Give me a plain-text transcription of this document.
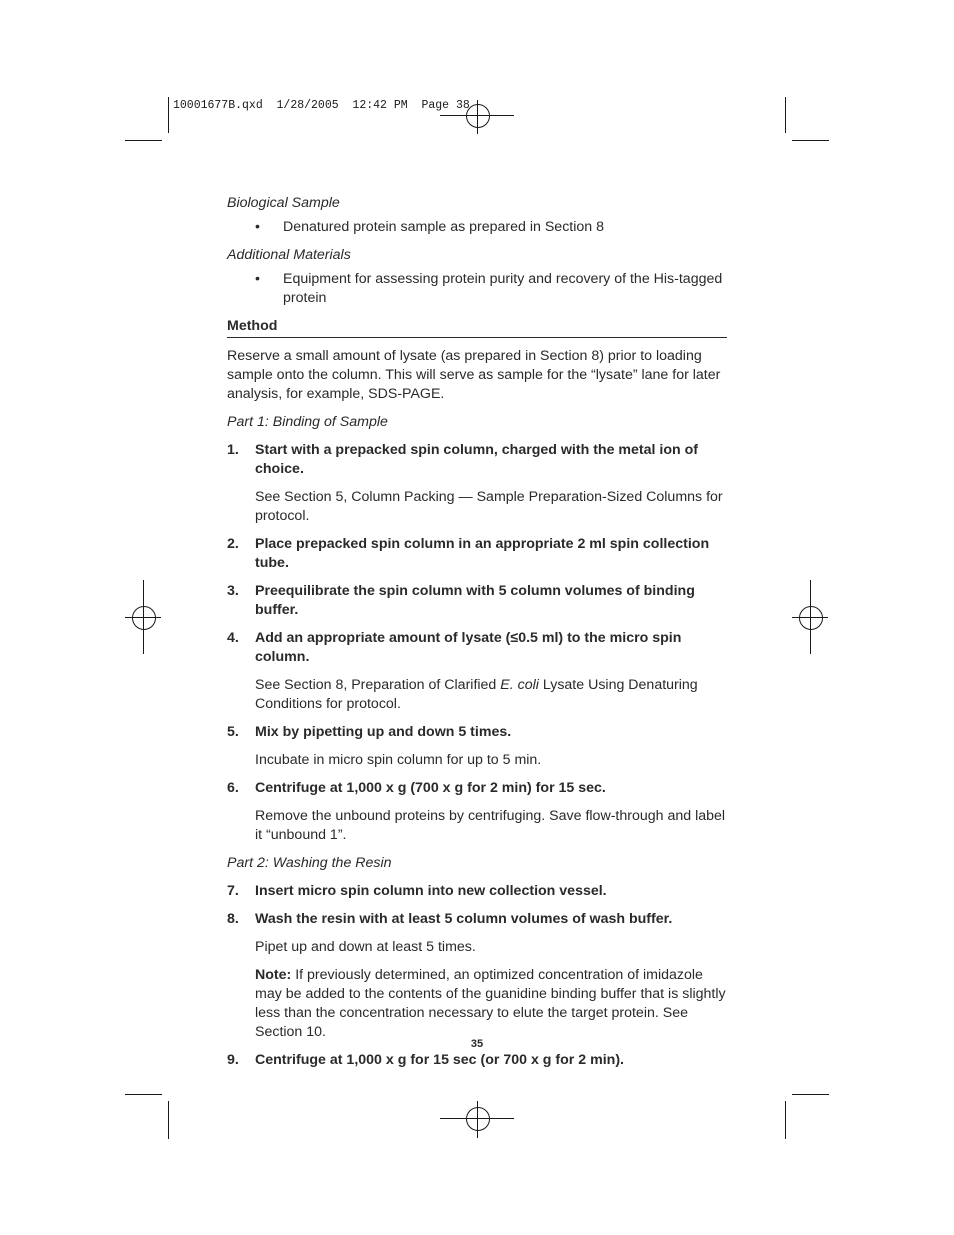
10001677B.qxd  1/28/2005  12:42 PM  Page 38
Biological Sample
• Denatured protein sample as prepared in Section 8
Additional Materials
• Equipment for assessing protein purity and recovery of the His-tagged protein
Method

Reserve a small amount of lysate (as prepared in Section 8) prior to loading sample onto the column. This will serve as sample for the “lysate” lane for later analysis, for example, SDS-PAGE.

Part 1: Binding of Sample

1. Start with a prepacked spin column, charged with the metal ion of choice.

See Section 5, Column Packing — Sample Preparation-Sized Columns for protocol.

2. Place prepacked spin column in an appropriate 2 ml spin collection tube.
3. Preequilibrate the spin column with 5 column volumes of binding buffer.
4. Add an appropriate amount of lysate (≤0.5 ml) to the micro spin column.

See Section 8, Preparation of Clarified E. coli Lysate Using Denaturing Conditions for protocol.

5. Mix by pipetting up and down 5 times.

Incubate in micro spin column for up to 5 min.

6. Centrifuge at 1,000 x g (700 x g for 2 min) for 15 sec.

Remove the unbound proteins by centrifuging. Save flow-through and label it “unbound 1”.

Part 2: Washing the Resin

7. Insert micro spin column into new collection vessel.
8. Wash the resin with at least 5 column volumes of wash buffer.

Pipet up and down at least 5 times.

Note: If previously determined, an optimized concentration of imidazole may be added to the contents of the guanidine binding buffer that is slightly less than the concentration necessary to elute the target protein. See Section 10.

9. Centrifuge at 1,000 x g for 15 sec (or 700 x g for 2 min).
35
